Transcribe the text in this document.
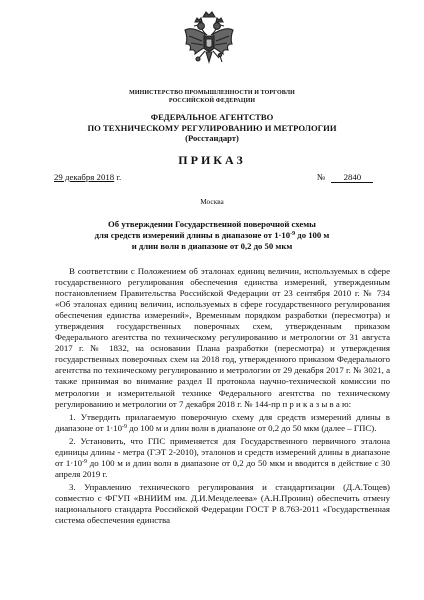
МИНИСТЕРСТВО ПРОМЫШЛЕННОСТИ И ТОРГОВЛИ
РОССИЙСКОЙ ФЕДЕРАЦИИ
ФЕДЕРАЛЬНОЕ АГЕНТСТВО
ПО ТЕХНИЧЕСКОМУ РЕГУЛИРОВАНИЮ И МЕТРОЛОГИИ
(Росстандарт)
ПРИКАЗ
29 декабря 2018 г.	№ 2840
Москва
Об утверждении Государственной поверочной схемы
для средств измерений длины в диапазоне от $1\cdot 10^{-9}$ до 100 м
и длин волн в диапазоне от 0,2 до 50 мкм

В соответствии с Положением об эталонах единиц величин, используемых в сфере государственного регулирования обеспечения единства измерений, утвержденным постановлением Правительства Российской Федерации от 23 сентября 2010 г. № 734 «Об эталонах единиц величин, используемых в сфере государственного регулирования обеспечения единства измерений», Временным порядком разработки (пересмотра) и утверждения государственных поверочных схем, утвержденным приказом Федерального агентства по техническому регулированию и метрологии от 31 августа 2017 г. № 1832, на основании Плана разработки (пересмотра) и утверждения государственных поверочных схем на 2018 год, утвержденного приказом Федерального агентства по техническому регулированию и метрологии от 29 декабря 2017 г. № 3021, а также принимая во внимание раздел II протокола научно-технической комиссии по метрологии и измерительной технике Федерального агентства по техническому регулированию и метрологии от 7 декабря 2018 г. № 144-пр п р и к а з ы в а ю:

1. Утвердить прилагаемую поверочную схему для средств измерений длины в диапазоне от $1\cdot 10^{-9}$ до 100 м и длин волн в диапазоне от 0,2 до 50 мкм (далее – ГПС).

2. Установить, что ГПС применяется для Государственного первичного эталона единицы длины - метра (ГЭТ 2-2010), эталонов и средств измерений длины в диапазоне от $1\cdot 10^{-9}$ до 100 м и длин волн в диапазоне от 0,2 до 50 мкм и вводится в действие с 30 апреля 2019 г.

3. Управлению технического регулирования и стандартизации (Д.А.Тощев) совместно с ФГУП «ВНИИМ им. Д.И.Менделеева» (А.Н.Пронин) обеспечить отмену национального стандарта Российской Федерации ГОСТ Р 8.763-2011 «Государственная система обеспечения единства
